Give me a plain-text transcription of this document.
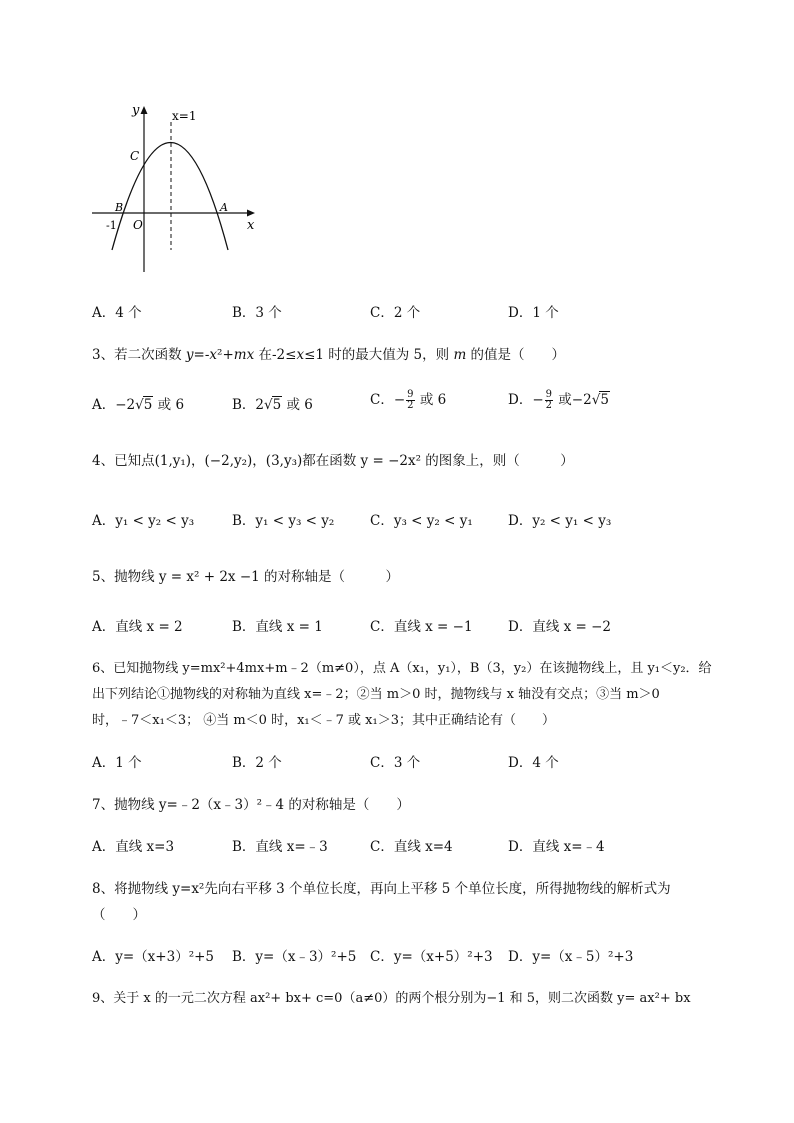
y	x=1
C
B	A
O
-1	x
A．4 个	B．3 个	C．2 个	D．1 个
3、若二次函数 y=-x²+mx 在-2≤x≤1 时的最大值为 5，则 m 的值是（　　）
A．−2√5 或 6	B．2√5 或 6	C．− $\frac{9}{2}$ 或 6	D．− $\frac{9}{2}$ 或−2√5
4、已知点(1,y₁)，(−2,y₂)，(3,y₃)都在函数 y = −2x² 的图象上，则（　　　）
A．y₁ < y₂ < y₃	B．y₁ < y₃ < y₂	C．y₃ < y₂ < y₁	D．y₂ < y₁ < y₃
5、抛物线 y = x² + 2x −1 的对称轴是（　　　）
A．直线 x = 2	B．直线 x = 1	C．直线 x = −1	D．直线 x = −2
6、已知抛物线 y=mx²+4mx+m﹣2（m≠0），点 A（x₁，y₁），B（3，y₂）在该抛物线上，且 y₁＜y₂．给
出下列结论①抛物线的对称轴为直线 x=﹣2；②当 m＞0 时，抛物线与 x 轴没有交点；③当 m＞0
时，﹣7＜x₁＜3； ④当 m＜0 时，x₁＜﹣7 或 x₁＞3；其中正确结论有（　　）
A．1 个	B．2 个	C．3 个	D．4 个
7、抛物线 y=﹣2（x﹣3）²﹣4 的对称轴是（　　）
A．直线 x=3	B．直线 x=﹣3	C．直线 x=4	D．直线 x=﹣4
8、将抛物线 y=x²先向右平移 3 个单位长度，再向上平移 5 个单位长度，所得抛物线的解析式为
（　　）
A．y=（x+3）²+5 B．y=（x﹣3）²+5 C．y=（x+5）²+3 D．y=（x﹣5）²+3
9、关于 x 的一元二次方程 ax²+ bx+ c=0（a≠0）的两个根分别为−1 和 5，则二次函数 y= ax²+ bx
